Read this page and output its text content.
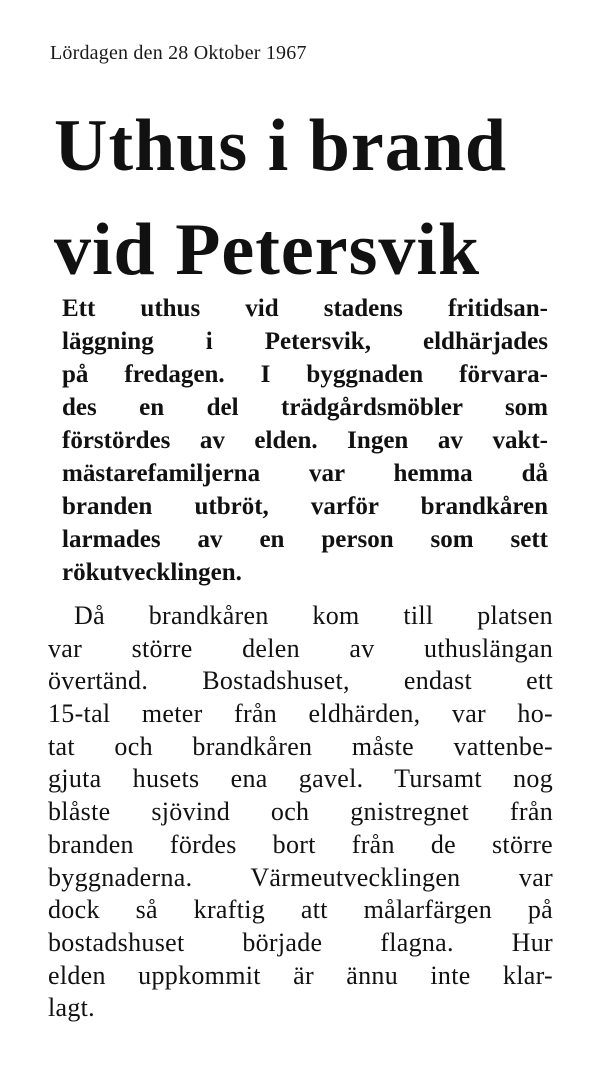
Lördagen den 28 Oktober 1967
Uthus i brand
vid Petersvik
Ett uthus vid stadens fritidsan-
läggning i Petersvik, eldhärjades
på fredagen. I byggnaden förvara-
des en del trädgårdsmöbler som
förstördes av elden. Ingen av vakt-
mästarefamiljerna var hemma då
branden utbröt, varför brandkåren
larmades av en person som sett
rökutvecklingen.
Då brandkåren kom till platsen
var större delen av uthuslängan
övertänd. Bostadshuset, endast ett
15-tal meter från eldhärden, var ho-
tat och brandkåren måste vattenbe-
gjuta husets ena gavel. Tursamt nog
blåste sjövind och gnistregnet från
branden fördes bort från de större
byggnaderna. Värmeutvecklingen var
dock så kraftig att målarfärgen på
bostadshuset började flagna. Hur
elden uppkommit är ännu inte klar-
lagt.
